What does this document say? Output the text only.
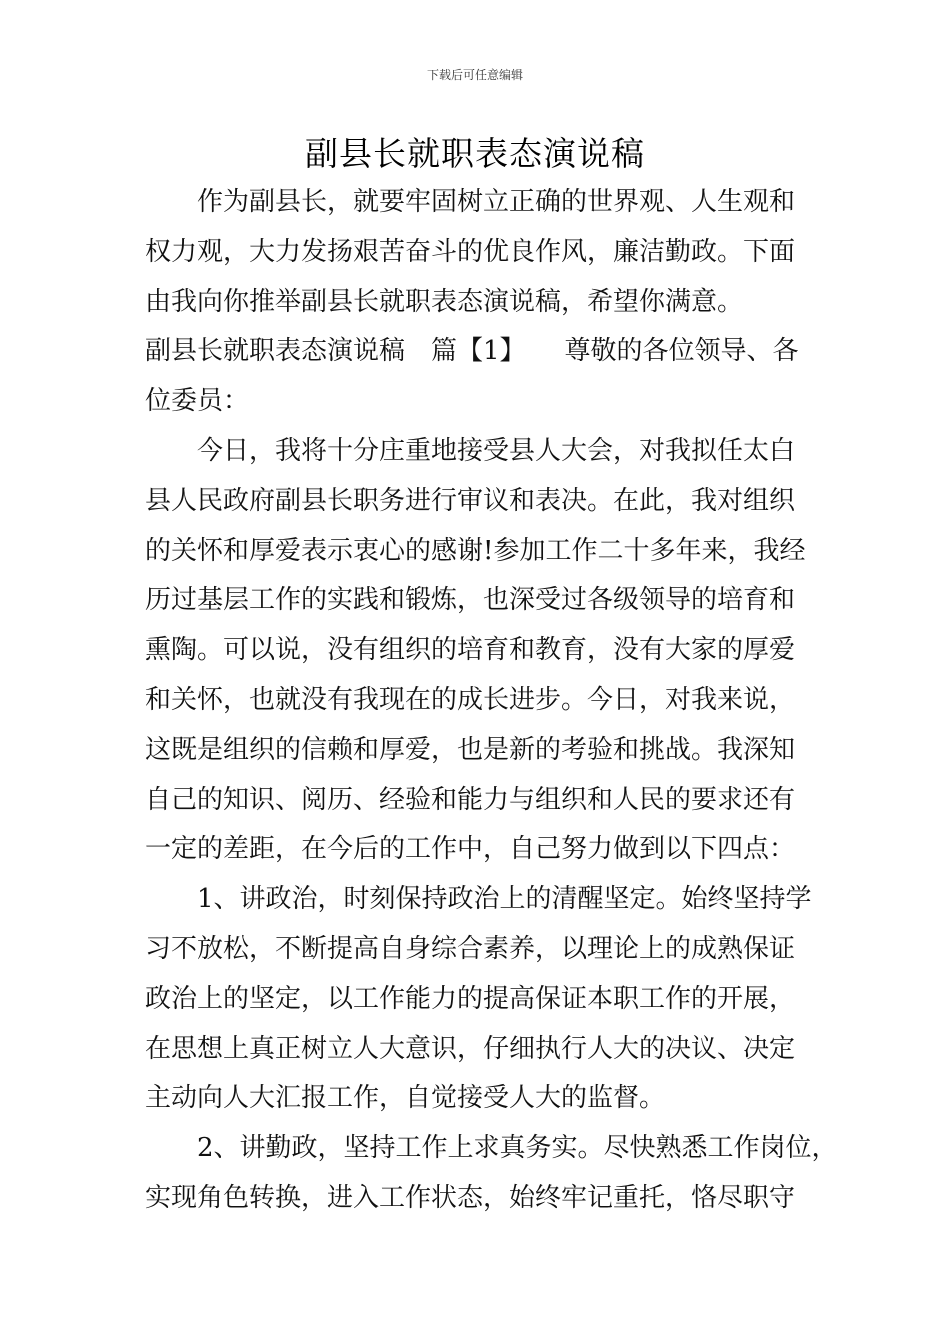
下载后可任意编辑
副县长就职表态演说稿
作为副县长，就要牢固树立正确的世界观、人生观和
权力观，大力发扬艰苦奋斗的优良作风，廉洁勤政。下面
由我向你推举副县长就职表态演说稿，希望你满意。
副县长就职表态演说稿　篇【1】　　尊敬的各位领导、各
位委员：
今日，我将十分庄重地接受县人大会，对我拟任太白
县人民政府副县长职务进行审议和表决。在此，我对组织
的关怀和厚爱表示衷心的感谢!参加工作二十多年来，我经
历过基层工作的实践和锻炼，也深受过各级领导的培育和
熏陶。可以说，没有组织的培育和教育，没有大家的厚爱
和关怀，也就没有我现在的成长进步。今日，对我来说，
这既是组织的信赖和厚爱，也是新的考验和挑战。我深知
自己的知识、阅历、经验和能力与组织和人民的要求还有
一定的差距，在今后的工作中，自己努力做到以下四点：
1、讲政治，时刻保持政治上的清醒坚定。始终坚持学
习不放松，不断提高自身综合素养，以理论上的成熟保证
政治上的坚定，以工作能力的提高保证本职工作的开展，
在思想上真正树立人大意识，仔细执行人大的决议、决定
主动向人大汇报工作，自觉接受人大的监督。
2、讲勤政，坚持工作上求真务实。尽快熟悉工作岗位，
实现角色转换，进入工作状态，始终牢记重托，恪尽职守
